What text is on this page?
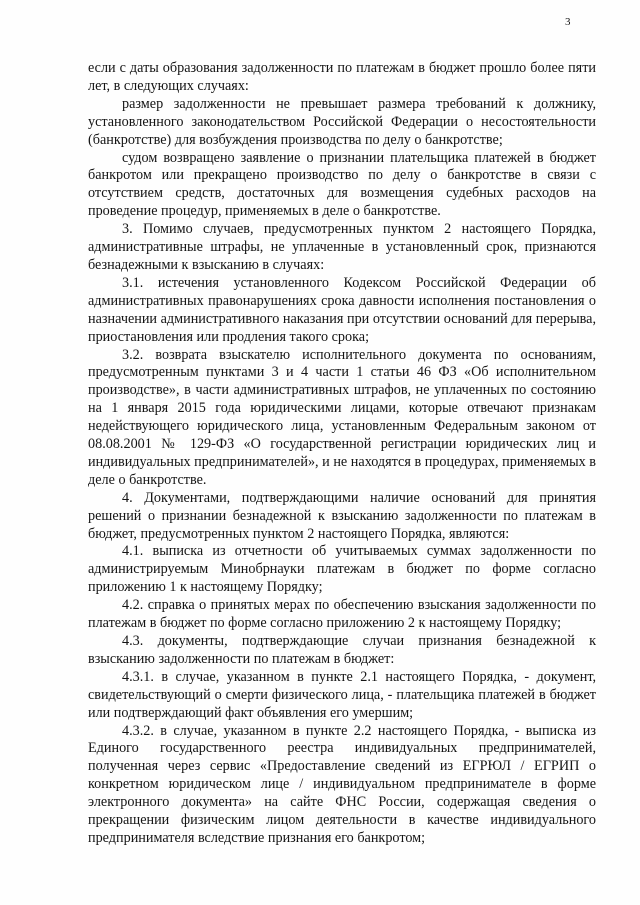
3

если с даты образования задолженности по платежам в бюджет прошло более пяти лет, в следующих случаях:

размер задолженности не превышает размера требований к должнику, установленного законодательством Российской Федерации о несостоятельности (банкротстве) для возбуждения производства по делу о банкротстве;

судом возвращено заявление о признании плательщика платежей в бюджет банкротом или прекращено производство по делу о банкротстве в связи с отсутствием средств, достаточных для возмещения судебных расходов на проведение процедур, применяемых в деле о банкротстве.

3. Помимо случаев, предусмотренных пунктом 2 настоящего Порядка, административные штрафы, не уплаченные в установленный срок, признаются безнадежными к взысканию в случаях:

3.1. истечения установленного Кодексом Российской Федерации об административных правонарушениях срока давности исполнения постановления о назначении административного наказания при отсутствии оснований для перерыва, приостановления или продления такого срока;

3.2. возврата взыскателю исполнительного документа по основаниям, предусмотренным пунктами 3 и 4 части 1 статьи 46 ФЗ «Об исполнительном производстве», в части административных штрафов, не уплаченных по состоянию на 1 января 2015 года юридическими лицами, которые отвечают признакам недействующего юридического лица, установленным Федеральным законом от 08.08.2001 № 129-ФЗ «О государственной регистрации юридических лиц и индивидуальных предпринимателей», и не находятся в процедурах, применяемых в деле о банкротстве.

4. Документами, подтверждающими наличие оснований для принятия решений о признании безнадежной к взысканию задолженности по платежам в бюджет, предусмотренных пунктом 2 настоящего Порядка, являются:

4.1. выписка из отчетности об учитываемых суммах задолженности по администрируемым Минобрнауки платежам в бюджет по форме согласно приложению 1 к настоящему Порядку;

4.2. справка о принятых мерах по обеспечению взыскания задолженности по платежам в бюджет по форме согласно приложению 2 к настоящему Порядку;

4.3. документы, подтверждающие случаи признания безнадежной к взысканию задолженности по платежам в бюджет:

4.3.1. в случае, указанном в пункте 2.1 настоящего Порядка, - документ, свидетельствующий о смерти физического лица, - плательщика платежей в бюджет или подтверждающий факт объявления его умершим;

4.3.2. в случае, указанном в пункте 2.2 настоящего Порядка, - выписка из Единого государственного реестра индивидуальных предпринимателей, полученная через сервис «Предоставление сведений из ЕГРЮЛ / ЕГРИП о конкретном юридическом лице / индивидуальном предпринимателе в форме электронного документа» на сайте ФНС России, содержащая сведения о прекращении физическим лицом деятельности в качестве индивидуального предпринимателя вследствие признания его банкротом;
